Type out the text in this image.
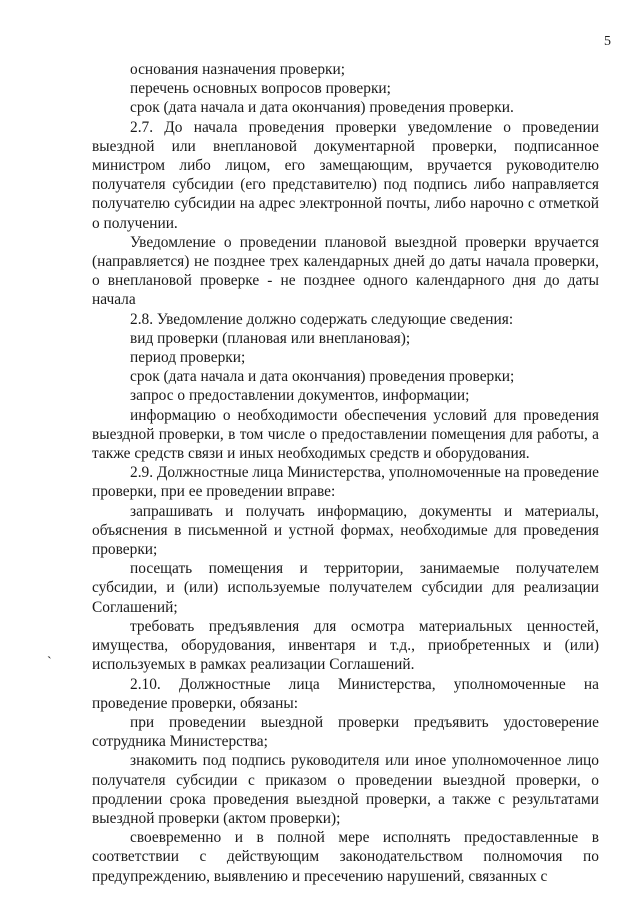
5
`

основания назначения проверки;

перечень основных вопросов проверки;

срок (дата начала и дата окончания) проведения проверки.

2.7. До начала проведения проверки уведомление о проведении выездной или внеплановой документарной проверки, подписанное министром либо лицом, его замещающим, вручается руководителю получателя субсидии (его представителю) под подпись либо направляется получателю субсидии на адрес электронной почты, либо нарочно с отметкой о получении.

Уведомление о проведении плановой выездной проверки вручается (направляется) не позднее трех календарных дней до даты начала проверки, о внеплановой проверке - не позднее одного календарного дня до даты начала

2.8. Уведомление должно содержать следующие сведения:

вид проверки (плановая или внеплановая);

период проверки;

срок (дата начала и дата окончания) проведения проверки;

запрос о предоставлении документов, информации;

информацию о необходимости обеспечения условий для проведения выездной проверки, в том числе о предоставлении помещения для работы, а также средств связи и иных необходимых средств и оборудования.

2.9. Должностные лица Министерства, уполномоченные на проведение проверки, при ее проведении вправе:

запрашивать и получать информацию, документы и материалы, объяснения в письменной и устной формах, необходимые для проведения проверки;

посещать помещения и территории, занимаемые получателем субсидии, и (или) используемые получателем субсидии для реализации Соглашений;

требовать предъявления для осмотра материальных ценностей, имущества, оборудования, инвентаря и т.д., приобретенных и (или) используемых в рамках реализации Соглашений.

2.10. Должностные лица Министерства, уполномоченные на проведение проверки, обязаны:

при проведении выездной проверки предъявить удостоверение сотрудника Министерства;

знакомить под подпись руководителя или иное уполномоченное лицо получателя субсидии с приказом о проведении выездной проверки, о продлении срока проведения выездной проверки, а также с результатами выездной проверки (актом проверки);

своевременно и в полной мере исполнять предоставленные в соответствии с действующим законодательством полномочия по предупреждению, выявлению и пресечению нарушений, связанных с
